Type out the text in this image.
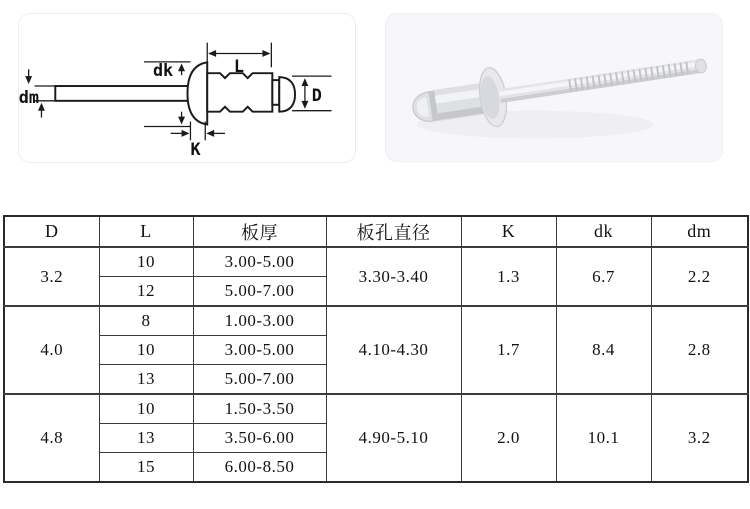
L
dk
dm	D
K
D	L	板厚	板孔直径	K	dk	dm
3.2	10	3.00-5.00	3.30-3.40	1.3	6.7	2.2
	12	5.00-7.00				
4.0	8	1.00-3.00	4.10-4.30	1.7	8.4	2.8
	10	3.00-5.00				
	13	5.00-7.00				
4.8	10	1.50-3.50	4.90-5.10	2.0	10.1	3.2
	13	3.50-6.00				
	15	6.00-8.50				
